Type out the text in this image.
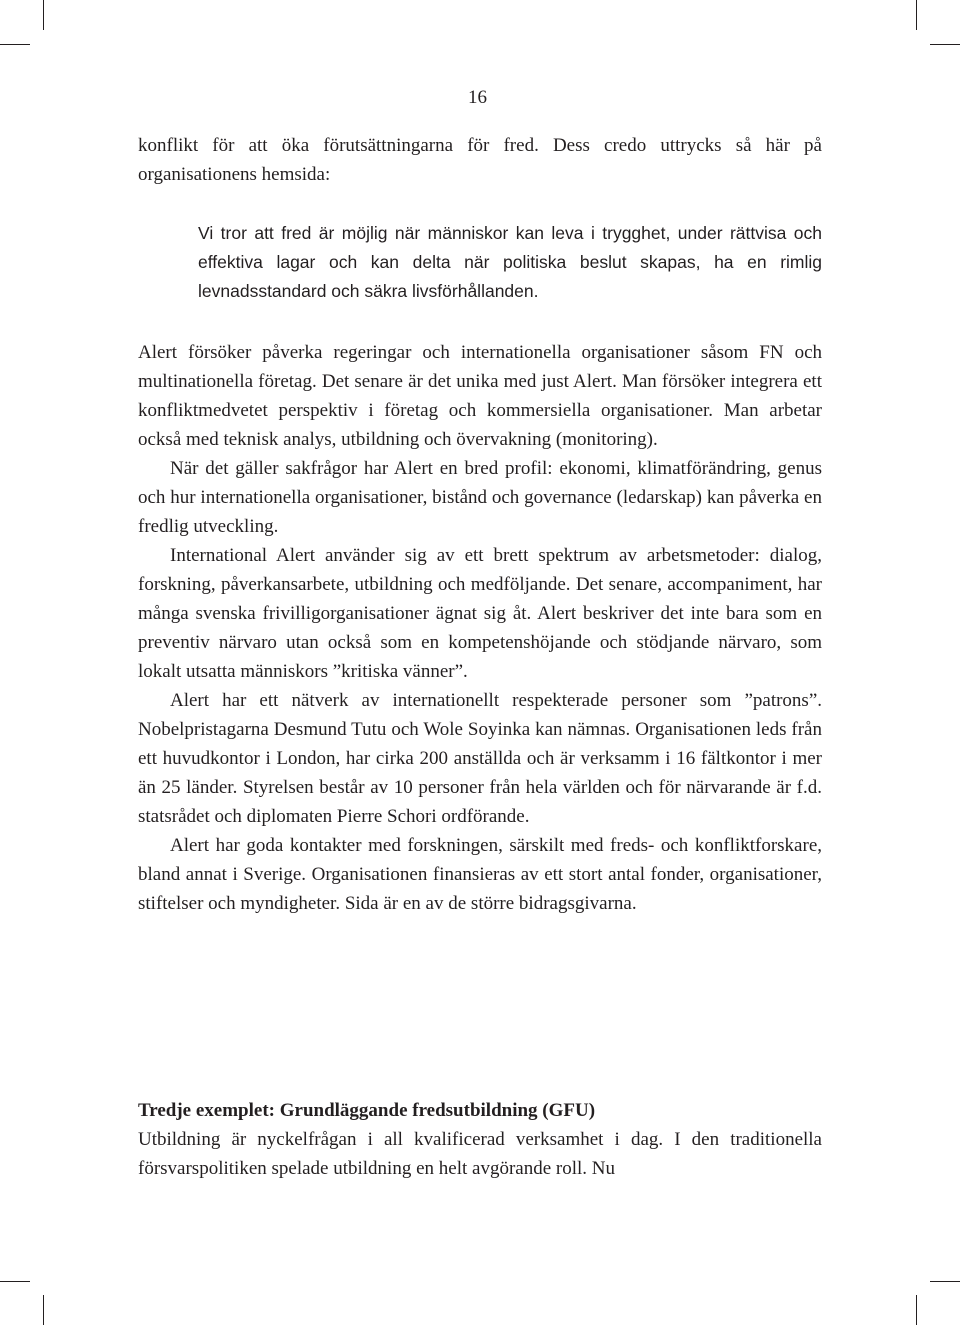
16

konflikt för att öka förutsättningarna för fred. Dess credo uttrycks så här på organisationens hemsida:

Vi tror att fred är möjlig när människor kan leva i trygghet, under rättvisa och effektiva lagar och kan delta när politiska beslut skapas, ha en rimlig levnadsstandard och säkra livsförhållanden.

Alert försöker påverka regeringar och internationella organisationer såsom FN och multinationella företag. Det senare är det unika med just Alert. Man försöker integrera ett konfliktmedvetet perspektiv i företag och kommersiella organisationer. Man arbetar också med teknisk analys, utbildning och övervakning (monitoring).

När det gäller sakfrågor har Alert en bred profil: ekonomi, klimatförändring, genus och hur internationella organisationer, bistånd och governance (ledarskap) kan påverka en fredlig utveckling.

International Alert använder sig av ett brett spektrum av arbetsmetoder: dialog, forskning, påverkansarbete, utbildning och medföljande. Det senare, accompaniment, har många svenska frivilligorganisationer ägnat sig åt. Alert beskriver det inte bara som en preventiv närvaro utan också som en kompetenshöjande och stödjande närvaro, som lokalt utsatta människors ”kritiska vänner”.

Alert har ett nätverk av internationellt respekterade personer som ”patrons”. Nobelpristagarna Desmund Tutu och Wole Soyinka kan nämnas. Organisationen leds från ett huvudkontor i London, har cirka 200 anställda och är verksamm i 16 fältkontor i mer än 25 länder. Styrelsen består av 10 personer från hela världen och för närvarande är f.d. statsrådet och diplomaten Pierre Schori ordförande.

Alert har goda kontakter med forskningen, särskilt med freds- och konfliktforskare, bland annat i Sverige. Organisationen finansieras av ett stort antal fonder, organisationer, stiftelser och myndigheter. Sida är en av de större bidragsgivarna.

Tredje exemplet: Grundläggande fredsutbildning (GFU)

Utbildning är nyckelfrågan i all kvalificerad verksamhet i dag. I den traditionella försvarspolitiken spelade utbildning en helt avgörande roll. Nu
